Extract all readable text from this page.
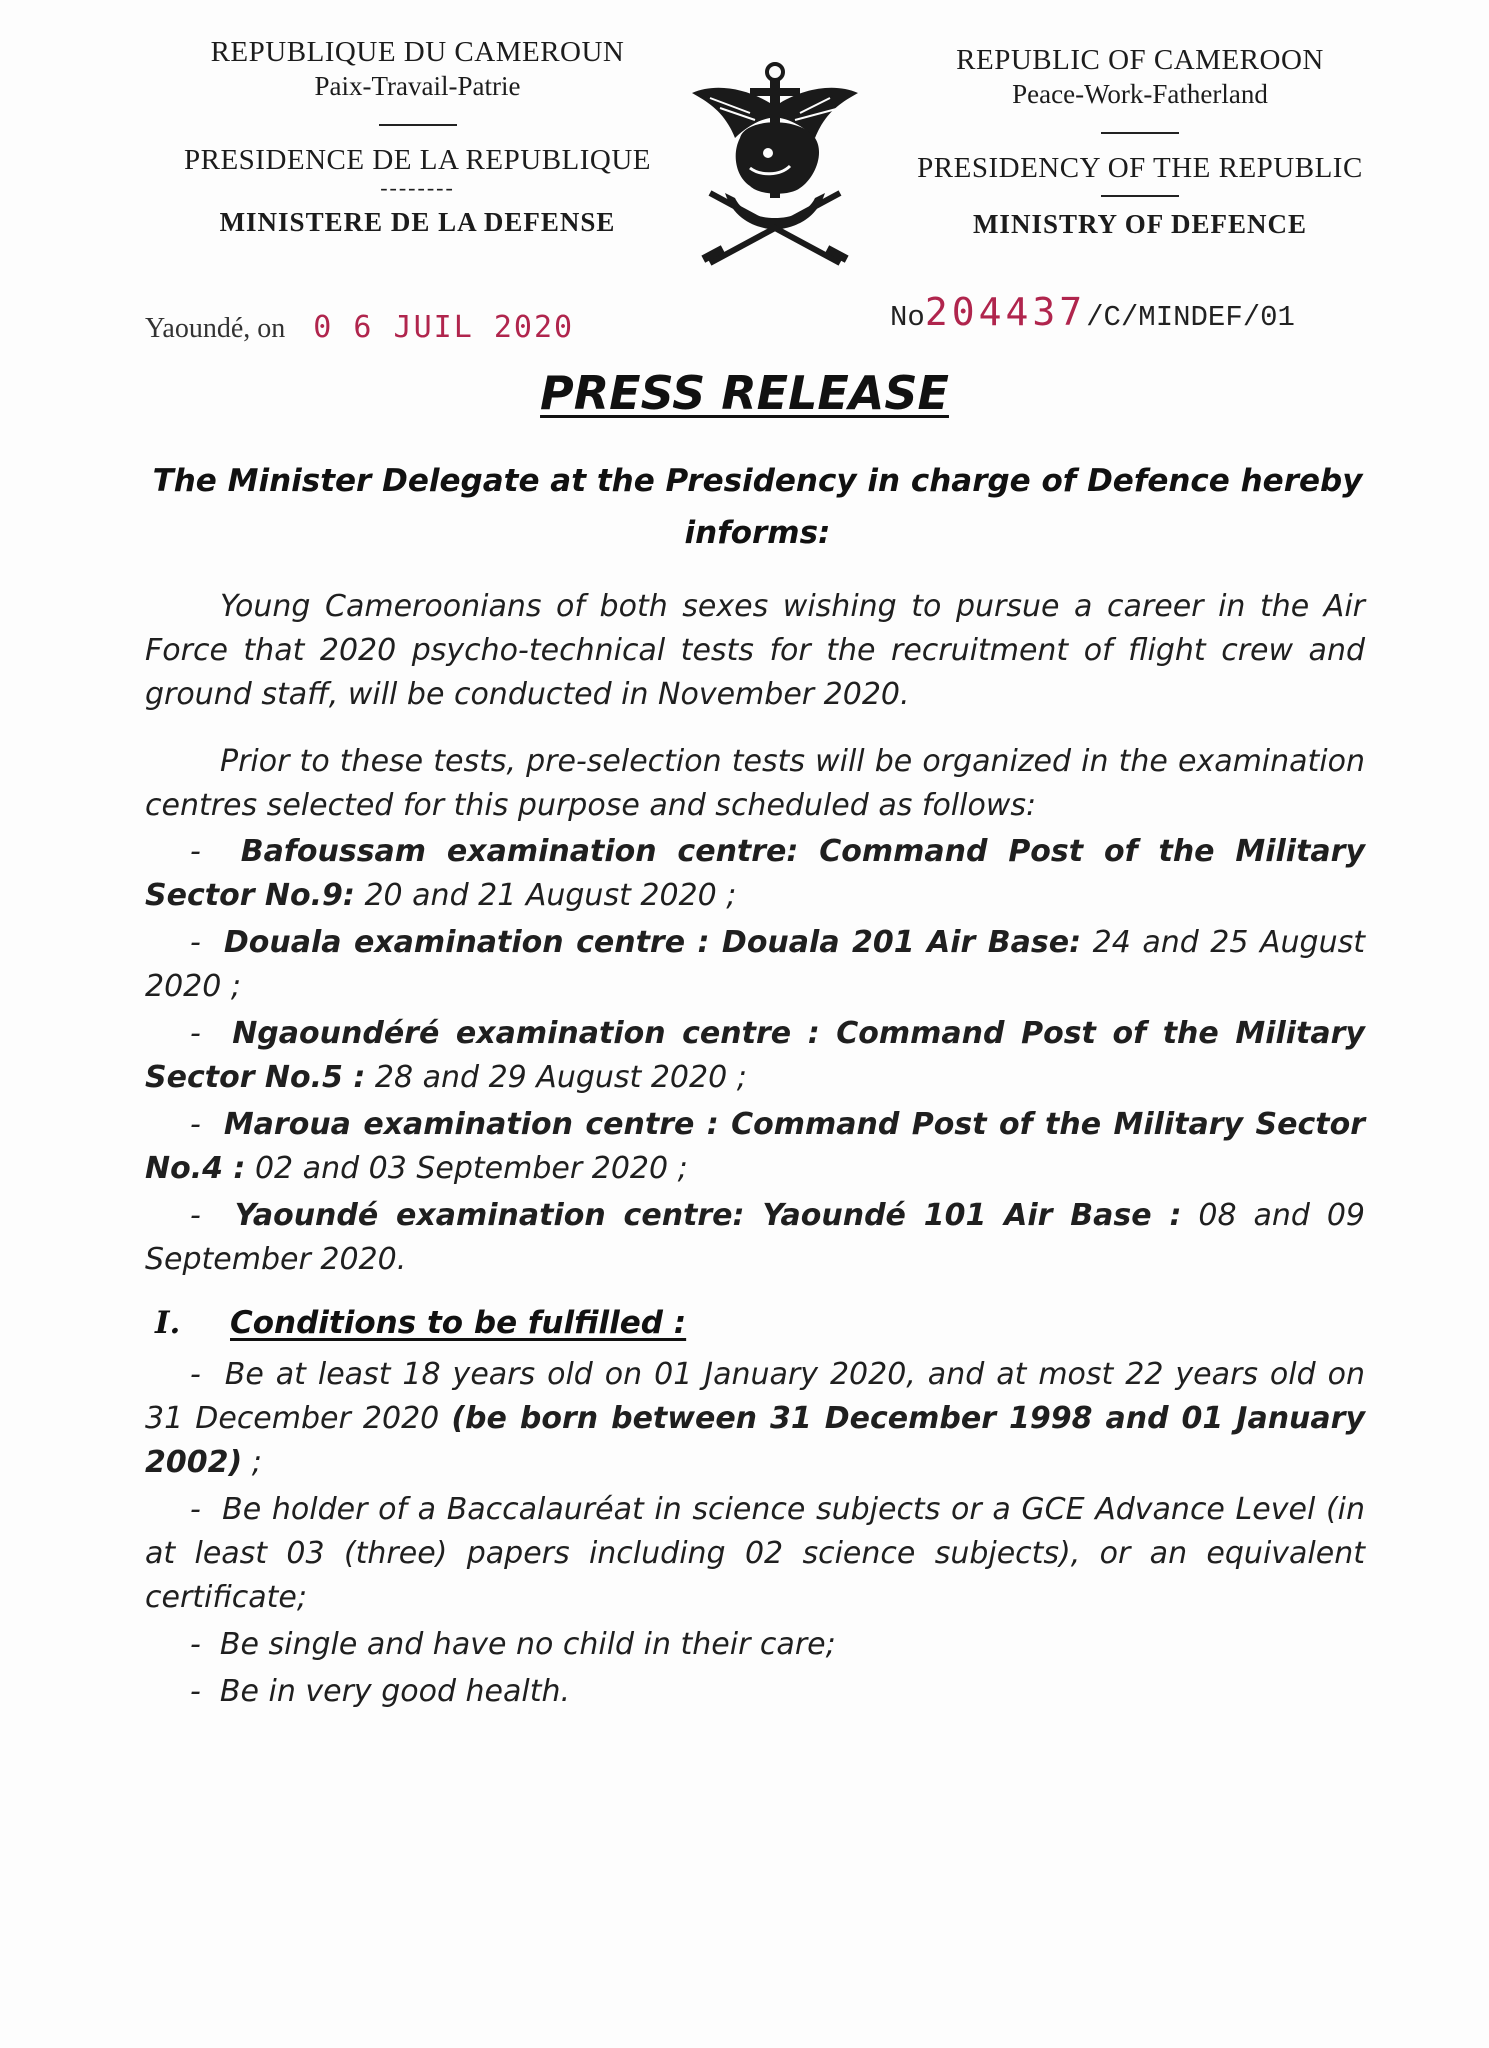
REPUBLIQUE DU CAMEROUN
Paix-Travail-Patrie
PRESIDENCE DE LA REPUBLIQUE
--------
MINISTERE DE LA DEFENSE
REPUBLIC OF CAMEROON
Peace-Work-Fatherland
PRESIDENCY OF THE REPUBLIC
MINISTRY OF DEFENCE
Yaoundé, on 0 6 JUIL 2020	No204437/C/MINDEF/01
PRESS RELEASE
The Minister Delegate at the Presidency in charge of Defence hereby informs:
Young Cameroonians of both sexes wishing to pursue a career in the Air Force that 2020 psycho-technical tests for the recruitment of flight crew and ground staff, will be conducted in November 2020.
Prior to these tests, pre-selection tests will be organized in the examination centres selected for this purpose and scheduled as follows:
- Bafoussam examination centre: Command Post of the Military Sector No.9: 20 and 21 August 2020 ;
- Douala examination centre : Douala 201 Air Base: 24 and 25 August 2020 ;
- Ngaoundéré examination centre : Command Post of the Military Sector No.5 : 28 and 29 August 2020 ;
- Maroua examination centre : Command Post of the Military Sector No.4 : 02 and 03 September 2020 ;
- Yaoundé examination centre: Yaoundé 101 Air Base : 08 and 09 September 2020.
I. Conditions to be fulfilled :
- Be at least 18 years old on 01 January 2020, and at most 22 years old on 31 December 2020 (be born between 31 December 1998 and 01 January 2002) ;
- Be holder of a Baccalauréat in science subjects or a GCE Advance Level (in at least 03 (three) papers including 02 science subjects), or an equivalent certificate;
- Be single and have no child in their care;
- Be in very good health.
